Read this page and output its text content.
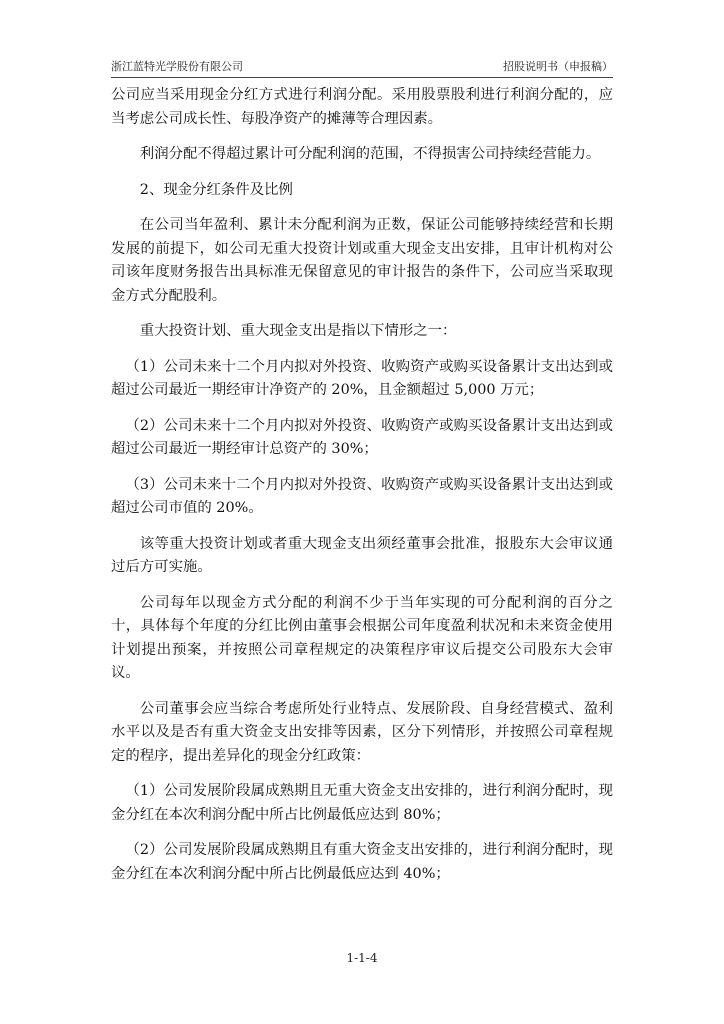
浙江蓝特光学股份有限公司	招股说明书（申报稿）

公司应当采用现金分红方式进行利润分配。采用股票股利进行利润分配的，应当考虑公司成长性、每股净资产的摊薄等合理因素。

利润分配不得超过累计可分配利润的范围，不得损害公司持续经营能力。

2、现金分红条件及比例

在公司当年盈利、累计未分配利润为正数，保证公司能够持续经营和长期发展的前提下，如公司无重大投资计划或重大现金支出安排，且审计机构对公司该年度财务报告出具标准无保留意见的审计报告的条件下，公司应当采取现金方式分配股利。

重大投资计划、重大现金支出是指以下情形之一：

（1）公司未来十二个月内拟对外投资、收购资产或购买设备累计支出达到或超过公司最近一期经审计净资产的 20%，且金额超过 5,000 万元；

（2）公司未来十二个月内拟对外投资、收购资产或购买设备累计支出达到或超过公司最近一期经审计总资产的 30%；

（3）公司未来十二个月内拟对外投资、收购资产或购买设备累计支出达到或超过公司市值的 20%。

该等重大投资计划或者重大现金支出须经董事会批准，报股东大会审议通过后方可实施。

公司每年以现金方式分配的利润不少于当年实现的可分配利润的百分之十，具体每个年度的分红比例由董事会根据公司年度盈利状况和未来资金使用计划提出预案，并按照公司章程规定的决策程序审议后提交公司股东大会审议。

公司董事会应当综合考虑所处行业特点、发展阶段、自身经营模式、盈利水平以及是否有重大资金支出安排等因素，区分下列情形，并按照公司章程规定的程序，提出差异化的现金分红政策：

（1）公司发展阶段属成熟期且无重大资金支出安排的，进行利润分配时，现金分红在本次利润分配中所占比例最低应达到 80%；

（2）公司发展阶段属成熟期且有重大资金支出安排的，进行利润分配时，现金分红在本次利润分配中所占比例最低应达到 40%；

1-1-4
